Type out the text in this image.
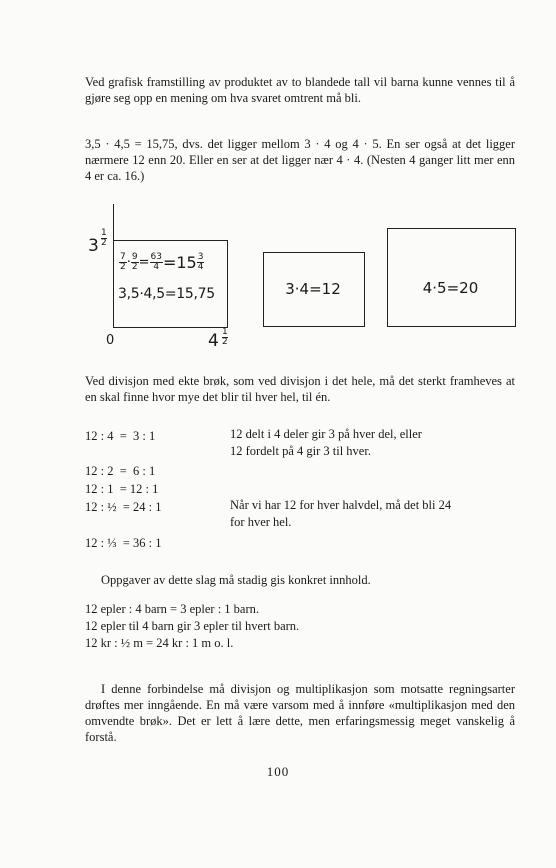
Ved grafisk framstilling av produktet av to blandede tall vil barna kunne vennes til å gjøre seg opp en mening om hva svaret omtrent må bli.
3,5 · 4,5 = 15,75, dvs. det ligger mellom 3 · 4 og 4 · 5. En ser også at det ligger nærmere 12 enn 20. Eller en ser at det ligger nær 4 · 4. (Nesten 4 ganger litt mer enn 4 er ca. 16.)
3
1
2
0	4 1
2
$\frac{7}{2} \cdot \frac{9}{2} = \frac{63}{4} =15 \frac{3}{4}$
3,5·4,5=15,75	3·4=12	4·5=20
Ved divisjon med ekte brøk, som ved divisjon i det hele, må det sterkt framheves at en skal finne hvor mye det blir til hver hel, til én.
12 : 4  =  3 : 1	12 delt i 4 deler gir 3 på hver del, eller
12 fordelt på 4 gir 3 til hver.
12 : 2  =  6 : 1
12 : 1  = 12 : 1
12 : ½  = 24 : 1	Når vi har 12 for hver halvdel, må det bli 24
for hver hel.
12 : ⅓  = 36 : 1
Oppgaver av dette slag må stadig gis konkret innhold.
12 epler : 4 barn = 3 epler : 1 barn.
12 epler til 4 barn gir 3 epler til hvert barn.
12 kr : ½ m = 24 kr : 1 m o. l.
I denne forbindelse må divisjon og multiplikasjon som motsatte regningsarter drøftes mer inngående. En må være varsom med å innføre «multiplikasjon med den omvendte brøk». Det er lett å lære dette, men erfaringsmessig meget vanskelig å forstå.
100
